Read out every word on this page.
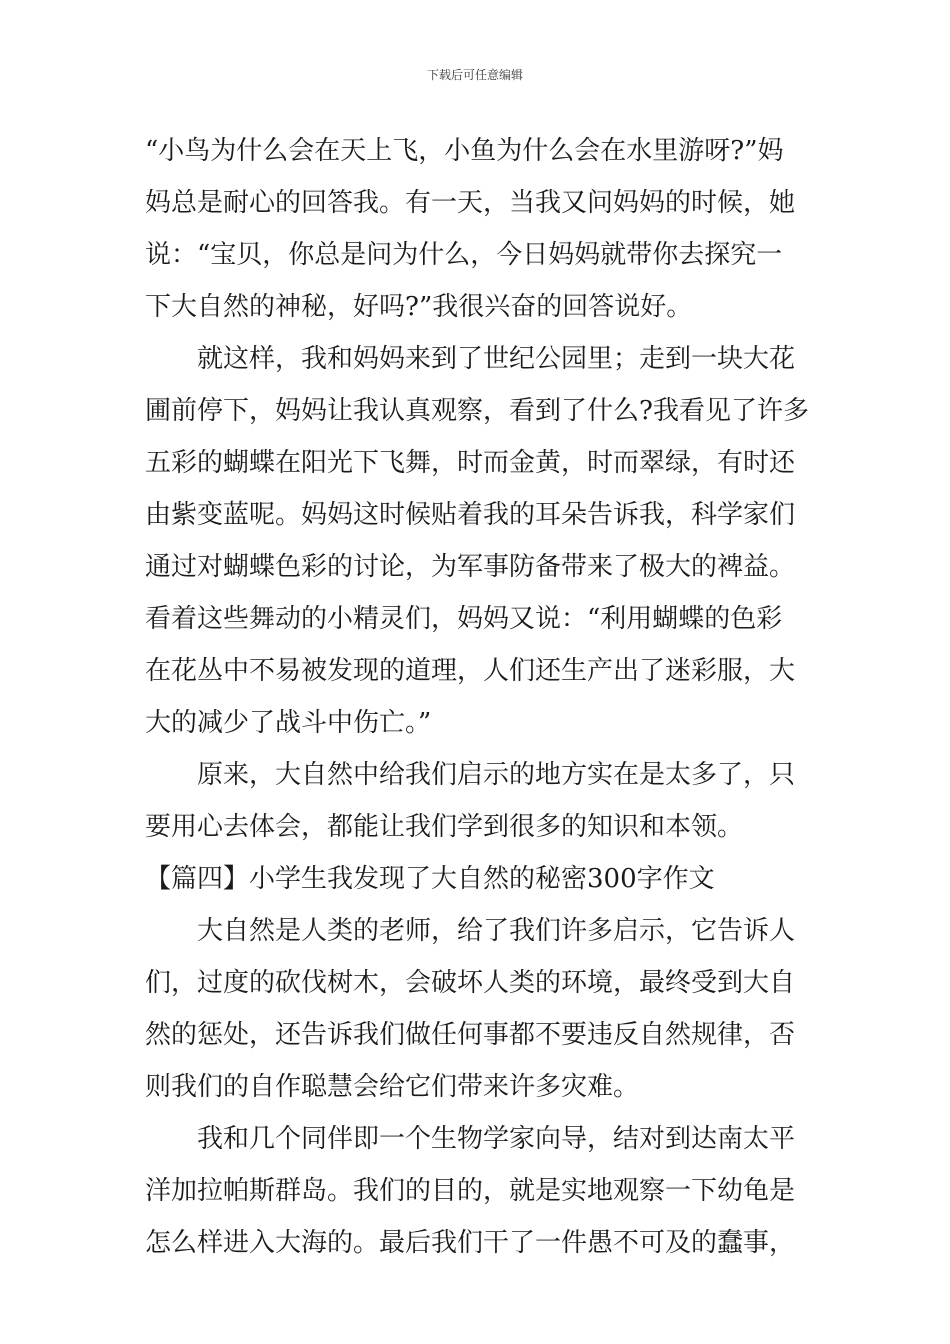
下载后可任意编辑
“小鸟为什么会在天上飞，小鱼为什么会在水里游呀?”妈
妈总是耐心的回答我。有一天，当我又问妈妈的时候，她
说：“宝贝，你总是问为什么，今日妈妈就带你去探究一
下大自然的神秘，好吗?”我很兴奋的回答说好。
就这样，我和妈妈来到了世纪公园里；走到一块大花
圃前停下，妈妈让我认真观察，看到了什么?我看见了许多
五彩的蝴蝶在阳光下飞舞，时而金黄，时而翠绿，有时还
由紫变蓝呢。妈妈这时候贴着我的耳朵告诉我，科学家们
通过对蝴蝶色彩的讨论，为军事防备带来了极大的裨益。
看着这些舞动的小精灵们，妈妈又说：“利用蝴蝶的色彩
在花丛中不易被发现的道理，人们还生产出了迷彩服，大
大的减少了战斗中伤亡。”
原来，大自然中给我们启示的地方实在是太多了，只
要用心去体会，都能让我们学到很多的知识和本领。
【篇四】小学生我发现了大自然的秘密300字作文
大自然是人类的老师，给了我们许多启示，它告诉人
们，过度的砍伐树木，会破坏人类的环境，最终受到大自
然的惩处，还告诉我们做任何事都不要违反自然规律，否
则我们的自作聪慧会给它们带来许多灾难。
我和几个同伴即一个生物学家向导，结对到达南太平
洋加拉帕斯群岛。我们的目的，就是实地观察一下幼龟是
怎么样进入大海的。最后我们干了一件愚不可及的蠢事，
